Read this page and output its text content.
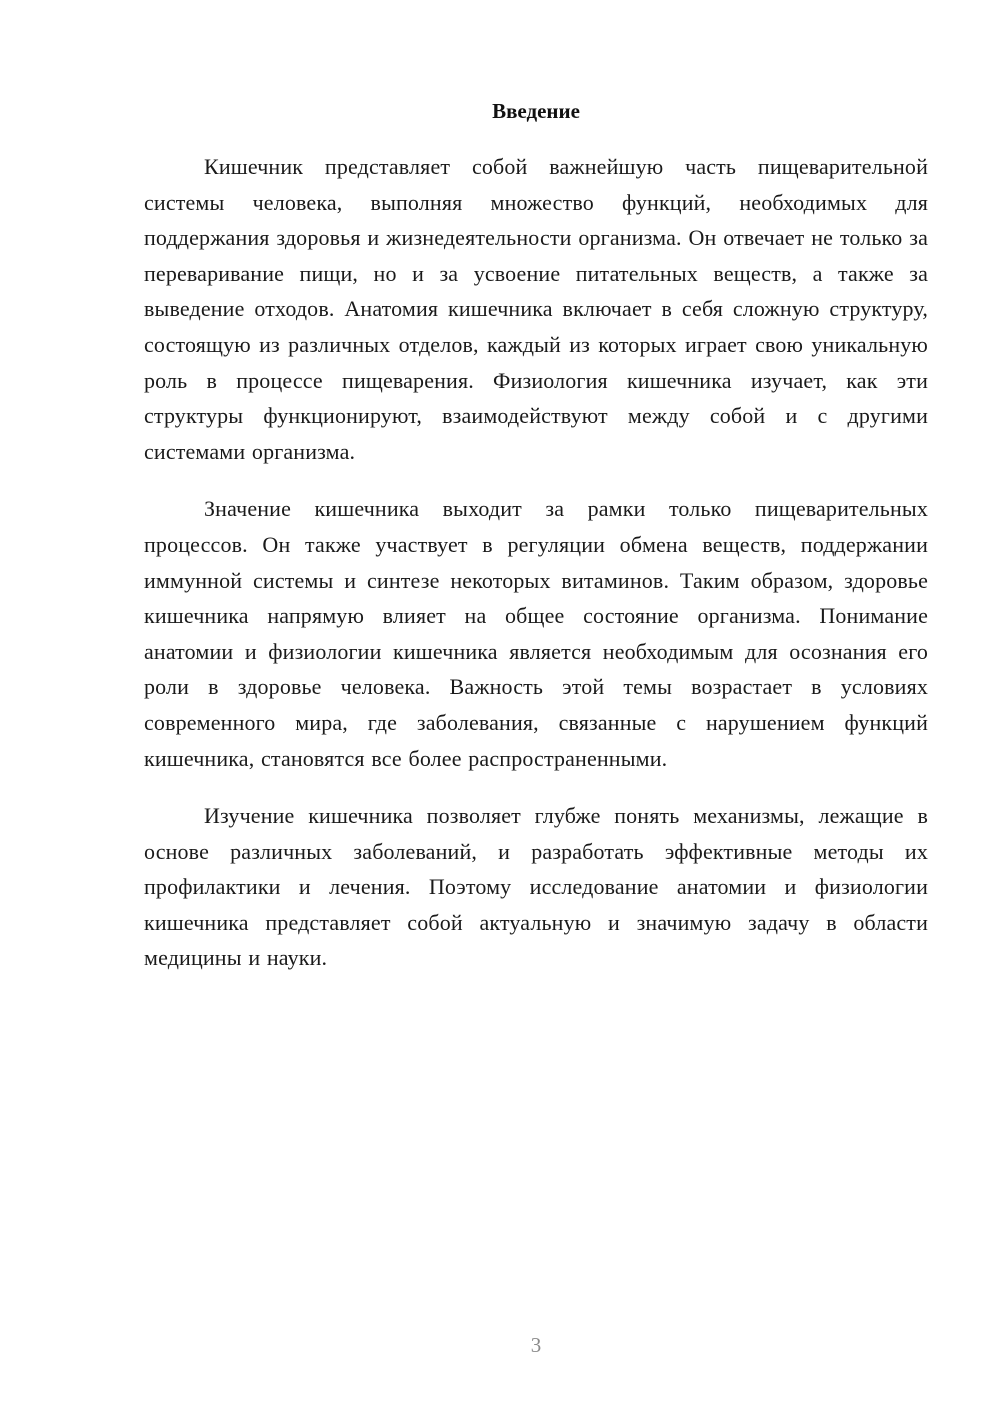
Введение

Кишечник представляет собой важнейшую часть пищеварительной системы человека, выполняя множество функций, необходимых для поддержания здоровья и жизнедеятельности организма. Он отвечает не только за переваривание пищи, но и за усвоение питательных веществ, а также за выведение отходов. Анатомия кишечника включает в себя сложную структуру, состоящую из различных отделов, каждый из которых играет свою уникальную роль в процессе пищеварения. Физиология кишечника изучает, как эти структуры функционируют, взаимодействуют между собой и с другими системами организма.

Значение кишечника выходит за рамки только пищеварительных процессов. Он также участвует в регуляции обмена веществ, поддержании иммунной системы и синтезе некоторых витаминов. Таким образом, здоровье кишечника напрямую влияет на общее состояние организма. Понимание анатомии и физиологии кишечника является необходимым для осознания его роли в здоровье человека. Важность этой темы возрастает в условиях современного мира, где заболевания, связанные с нарушением функций кишечника, становятся все более распространенными.

Изучение кишечника позволяет глубже понять механизмы, лежащие в основе различных заболеваний, и разработать эффективные методы их профилактики и лечения. Поэтому исследование анатомии и физиологии кишечника представляет собой актуальную и значимую задачу в области медицины и науки.

3
